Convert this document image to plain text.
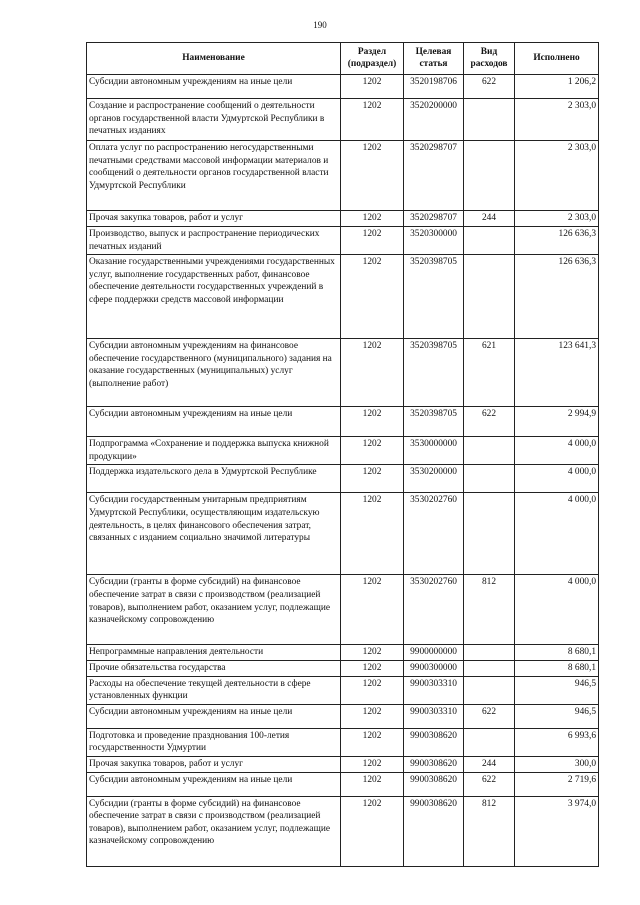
190
Наименование	Раздел (подраздел)	Целевая статья	Вид расходов	Исполнено
Субсидии автономным учреждениям на иные цели	1202	3520198706	622	1 206,2
Создание и распространение сообщений о деятельности органов государственной власти Удмуртской Республики в печатных изданиях	1202	3520200000		2 303,0
Оплата услуг по распространению негосударственными печатными средствами массовой информации материалов и сообщений о деятельности органов государственной власти Удмуртской Республики	1202	3520298707		2 303,0
Прочая закупка товаров, работ и услуг	1202	3520298707	244	2 303,0
Производство, выпуск и распространение периодических печатных изданий	1202	3520300000		126 636,3
Оказание государственными учреждениями государственных услуг, выполнение государственных работ, финансовое обеспечение деятельности государственных учреждений в сфере поддержки средств массовой информации	1202	3520398705		126 636,3
Субсидии автономным учреждениям на финансовое обеспечение государственного (муниципального) задания на оказание государственных (муниципальных) услуг (выполнение работ)	1202	3520398705	621	123 641,3
Субсидии автономным учреждениям на иные цели	1202	3520398705	622	2 994,9
Подпрограмма «Сохранение и поддержка выпуска книжной продукции»	1202	3530000000		4 000,0
Поддержка издательского дела в Удмуртской Республике	1202	3530200000		4 000,0
Субсидии государственным унитарным предприятиям Удмуртской Республики, осуществляющим издательскую деятельность, в целях финансового обеспечения затрат, связанных с изданием социально значимой литературы	1202	3530202760		4 000,0
Субсидии (гранты в форме субсидий) на финансовое обеспечение затрат в связи с производством (реализацией товаров), выполнением работ, оказанием услуг, подлежащие казначейскому сопровождению	1202	3530202760	812	4 000,0
Непрограммные направления деятельности	1202	9900000000		8 680,1
Прочие обязательства государства	1202	9900300000		8 680,1
Расходы на обеспечение текущей деятельности в сфере установленных функции	1202	9900303310		946,5
Субсидии автономным учреждениям на иные цели	1202	9900303310	622	946,5
Подготовка и проведение празднования 100-летия государственности Удмуртии	1202	9900308620		6 993,6
Прочая закупка товаров, работ и услуг	1202	9900308620	244	300,0
Субсидии автономным учреждениям на иные цели	1202	9900308620	622	2 719,6
Субсидии (гранты в форме субсидий) на финансовое обеспечение затрат в связи с производством (реализацией товаров), выполнением работ, оказанием услуг, подлежащие казначейскому сопровождению	1202	9900308620	812	3 974,0
